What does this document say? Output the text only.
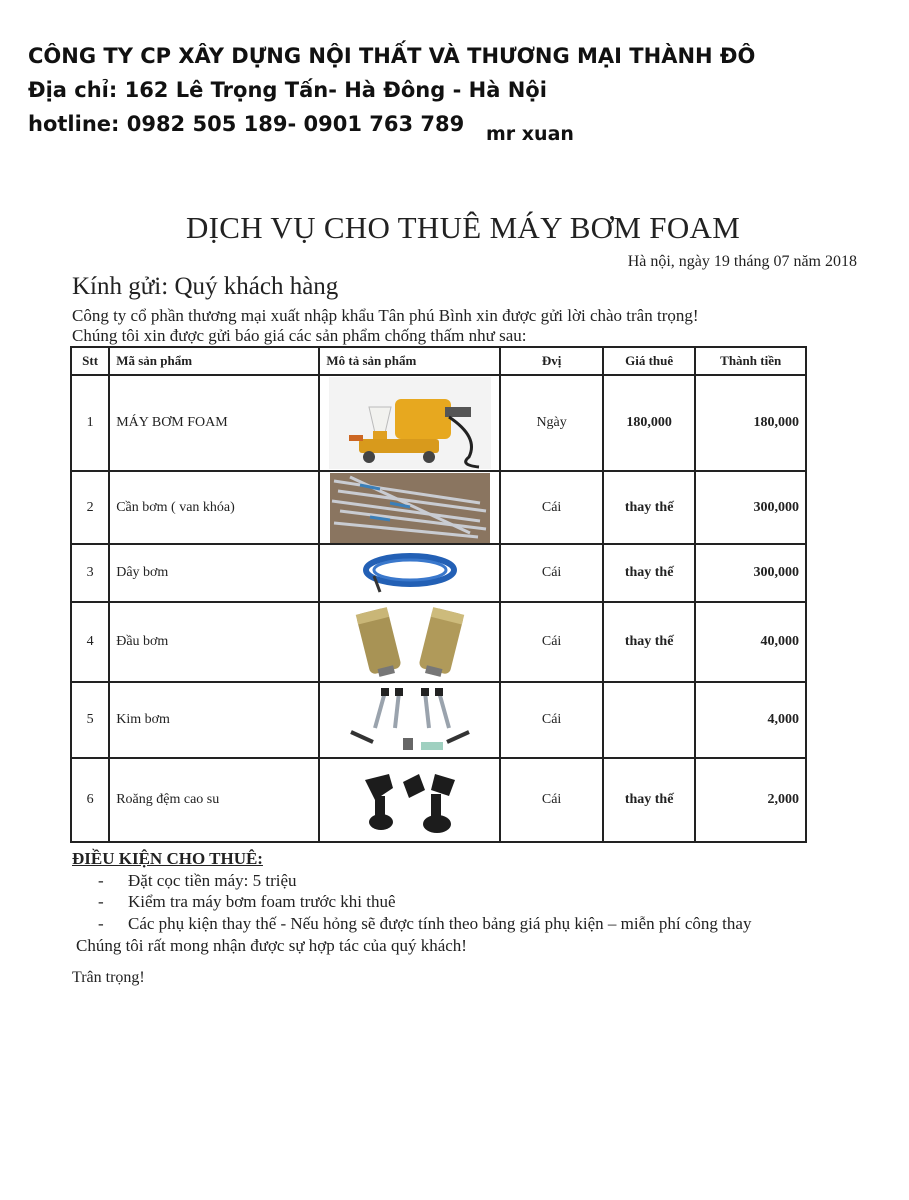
CÔNG TY CP XÂY DỰNG NỘI THẤT VÀ THƯƠNG MẠI THÀNH ĐÔ
Địa chỉ: 162 Lê Trọng Tấn- Hà Đông - Hà Nội
hotline: 0982 505 189- 0901 763 789 mr xuan
DỊCH VỤ CHO THUÊ MÁY BƠM FOAM
Hà nội, ngày 19 tháng 07 năm 2018
Kính gửi: Quý khách hàng
Công ty cổ phần thương mại xuất nhập khẩu Tân phú Bình xin được gửi lời chào trân trọng!
Chúng tôi xin được gửi báo giá các sản phẩm chống thấm như sau:
Stt	Mã sản phẩm	Mô tả sản phẩm	Đvị	Giá thuê	Thành tiền
1	MÁY BƠM FOAM		Ngày	180,000	180,000
2	Cần bơm ( van khóa)		Cái	thay thế	300,000
3	Dây bơm		Cái	thay thế	300,000
4	Đầu bơm		Cái	thay thế	40,000
5	Kim bơm		Cái		4,000
6	Roăng đệm cao su		Cái	thay thế	2,000
ĐIỀU KIỆN CHO THUÊ:
- Đặt cọc tiền máy: 5 triệu
- Kiểm tra máy bơm foam trước khi thuê
- Các phụ kiện thay thế - Nếu hỏng sẽ được tính theo bảng giá phụ kiện – miễn phí công thay
Chúng tôi rất mong nhận được sự hợp tác của quý khách!
Trân trọng!
